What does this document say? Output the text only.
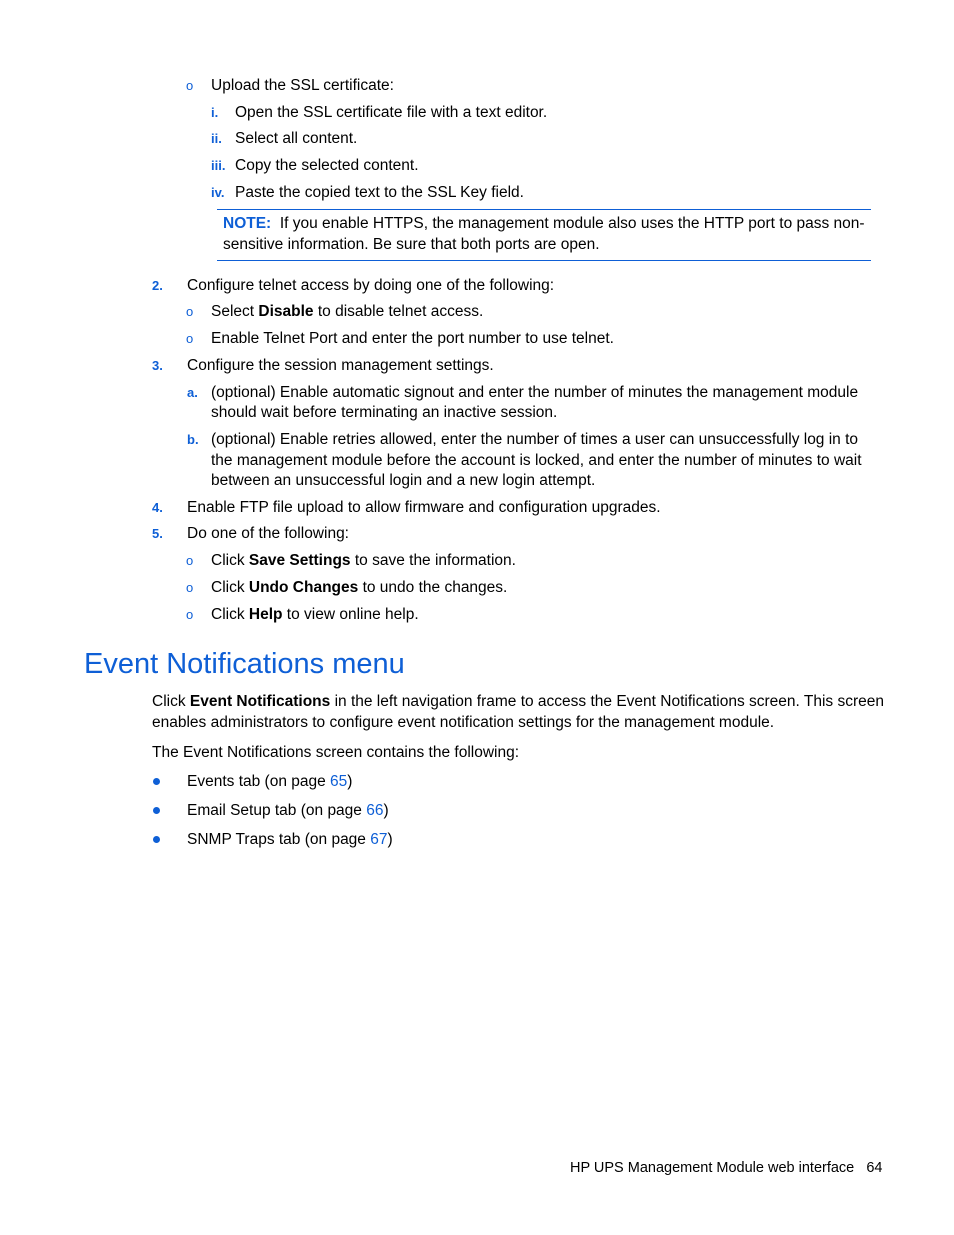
o Upload the SSL certificate:
i. Open the SSL certificate file with a text editor.
ii. Select all content.
iii. Copy the selected content.
iv. Paste the copied text to the SSL Key field.
NOTE: If you enable HTTPS, the management module also uses the HTTP port to pass non-
sensitive information. Be sure that both ports are open.
2. Configure telnet access by doing one of the following:
o Select Disable to disable telnet access.
o Enable Telnet Port and enter the port number to use telnet.
3. Configure the session management settings.
a. (optional) Enable automatic signout and enter the number of minutes the management module
should wait before terminating an inactive session.
b. (optional) Enable retries allowed, enter the number of times a user can unsuccessfully log in to
the management module before the account is locked, and enter the number of minutes to wait
between an unsuccessful login and a new login attempt.
4. Enable FTP file upload to allow firmware and configuration upgrades.
5. Do one of the following:
o Click Save Settings to save the information.
o Click Undo Changes to undo the changes.
o Click Help to view online help.
Event Notifications menu
Click Event Notifications in the left navigation frame to access the Event Notifications screen. This screen
enables administrators to configure event notification settings for the management module.
The Event Notifications screen contains the following:
Events tab (on page 65)
Email Setup tab (on page 66)
SNMP Traps tab (on page 67)
HP UPS Management Module web interface 64
